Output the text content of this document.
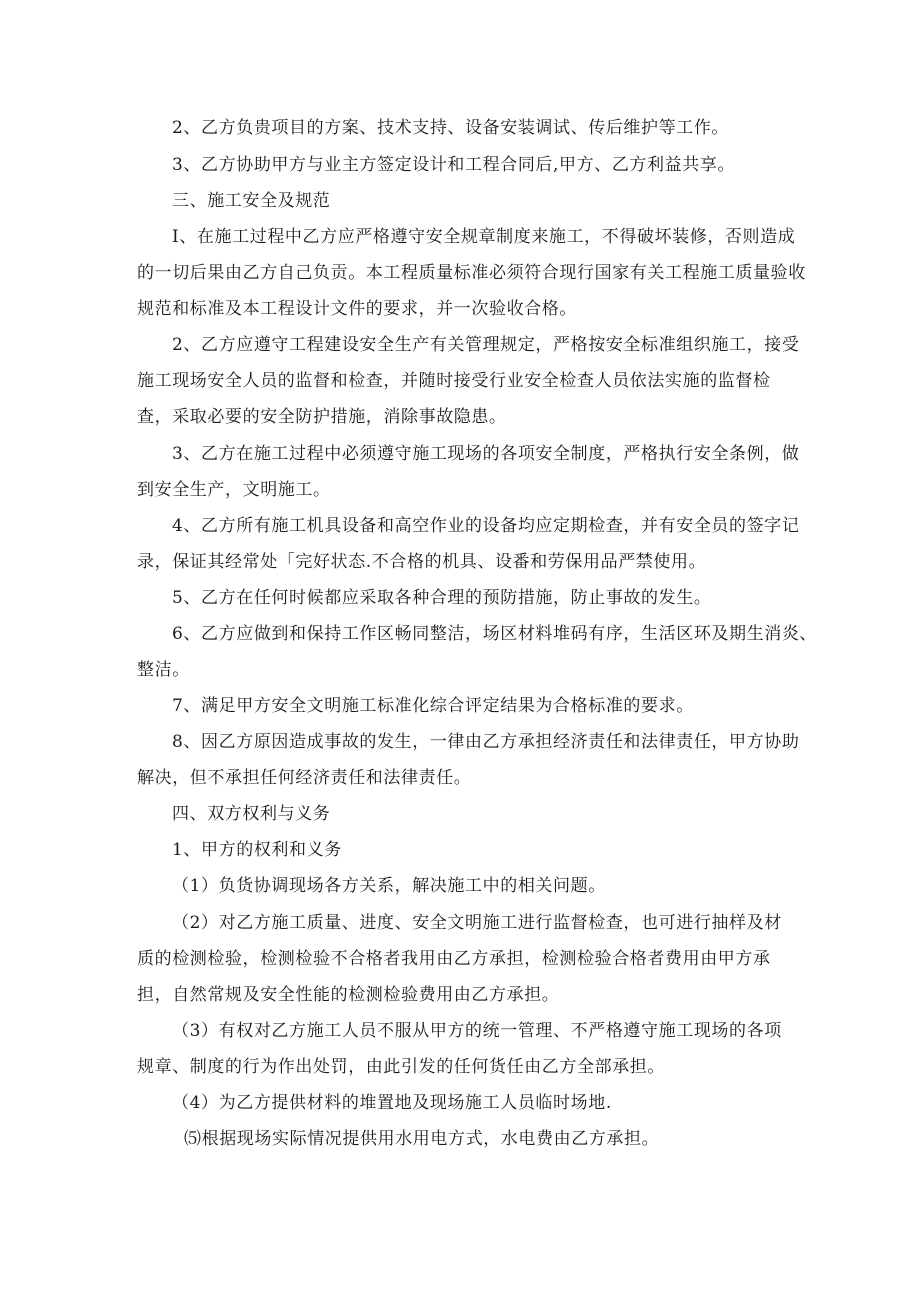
2、乙方负贵项目的方案、技术支持、设备安装调试、传后维护等工作。
3、乙方协助甲方与业主方签定设计和工程合同后,甲方、乙方利益共享。
三、施工安全及规范
I、在施工过程中乙方应严格遵守安全规章制度来施工，不得破坏装修，否则造成
的一切后果由乙方自己负贡。本工程质量标准必须符合现行国家有关工程施工质量验收
规范和标准及本工程设计文件的要求，并一次验收合格。
2、乙方应遵守工程建设安全生产有关管理规定，严格按安全标准组织施工，接受
施工现场安全人员的监督和检查，并随时接受行业安全检查人员依法实施的监督检
查，采取必要的安全防护措施，消除事故隐患。
3、乙方在施工过程中必须遵守施工现场的各项安全制度，严格执行安全条例，做
到安全生产，文明施工。
4、乙方所有施工机具设备和高空作业的设备均应定期检查，并有安全员的签字记
录，保证其经常处「完好状态.不合格的机具、设番和劳保用品严禁使用。
5、乙方在任何时候都应采取各种合理的预防措施，防止事故的发生。
6、乙方应做到和保持工作区畅同整洁，场区材料堆码有序，生活区环及期生消炎、
整洁。
7、满足甲方安全文明施工标准化综合评定结果为合格标准的要求。
8、因乙方原因造成事故的发生，一律由乙方承担经济责任和法律责任，甲方协助
解决，但不承担任何经济责任和法律责任。
四、双方权利与义务
1、甲方的权利和义务
（1）负货协调现场各方关系，解决施工中的相关问题。
（2）对乙方施工质量、进度、安全文明施工进行监督检查，也可进行抽样及材
质的检测检验，检测检验不合格者我用由乙方承担，检测检验合格者费用由甲方承
担，自然常规及安全性能的检测检验费用由乙方承担。
（3）有权对乙方施工人员不服从甲方的统一管理、不严格遵守施工现场的各项
规章、制度的行为作出处罚，由此引发的任何货任由乙方全部承担。
（4）为乙方提供材料的堆置地及现场施工人员临时场地.
⑸根据现场实际情况提供用水用电方式，水电费由乙方承担。
